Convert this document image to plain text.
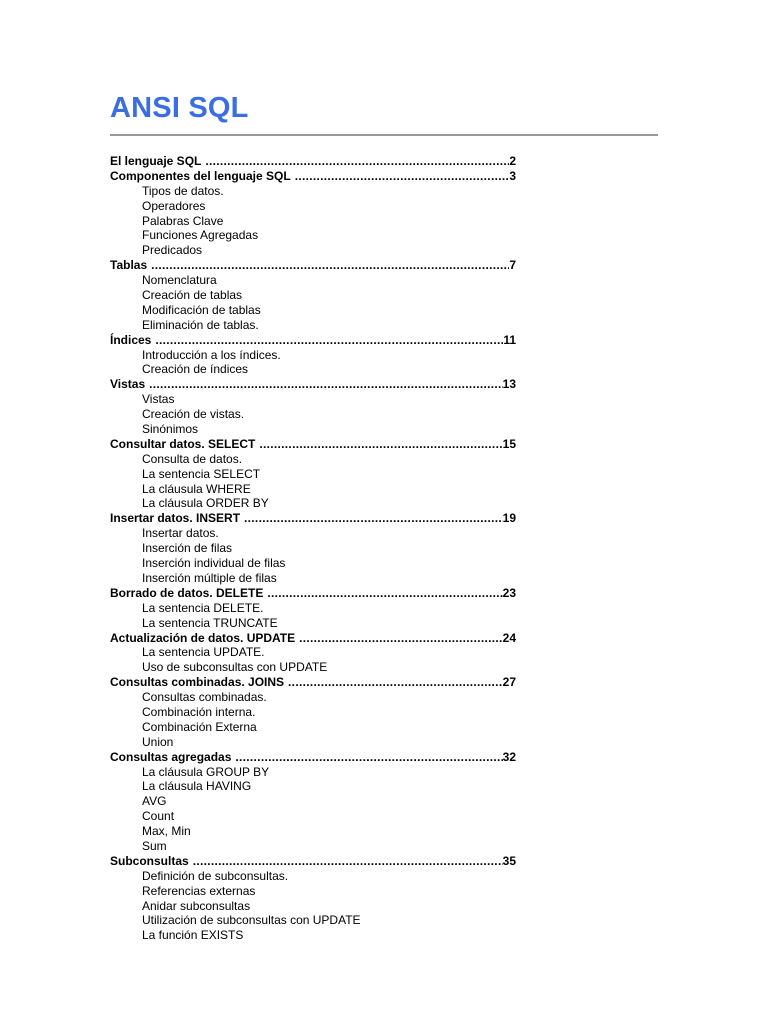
ANSI SQL
El lenguaje SQL .....	2
Componentes del lenguaje SQL .....	3
Tipos de datos.
Operadores
Palabras Clave
Funciones Agregadas
Predicados
Tablas .....	7
Nomenclatura
Creación de tablas
Modificación de tablas
Eliminación de tablas.
Índices .....	11
Introducción a los índices.
Creación de índices
Vistas .....	13
Vistas
Creación de vistas.
Sinónimos
Consultar datos. SELECT .....	15
Consulta de datos.
La sentencia SELECT
La cláusula WHERE
La cláusula ORDER BY
Insertar datos. INSERT .....	19
Insertar datos.
Inserción de filas
Inserción individual de filas
Inserción múltiple de filas
Borrado de datos. DELETE .....	23
La sentencia DELETE.
La sentencia TRUNCATE
Actualización de datos. UPDATE .....	24
La sentencia UPDATE.
Uso de subconsultas con UPDATE
Consultas combinadas. JOINS .....	27
Consultas combinadas.
Combinación interna.
Combinación Externa
Union
Consultas agregadas .....	32
La cláusula GROUP BY
La cláusula HAVING
AVG
Count
Max, Min
Sum
Subconsultas .....	35
Definición de subconsultas.
Referencias externas
Anidar subconsultas
Utilización de subconsultas con UPDATE
La función EXISTS
